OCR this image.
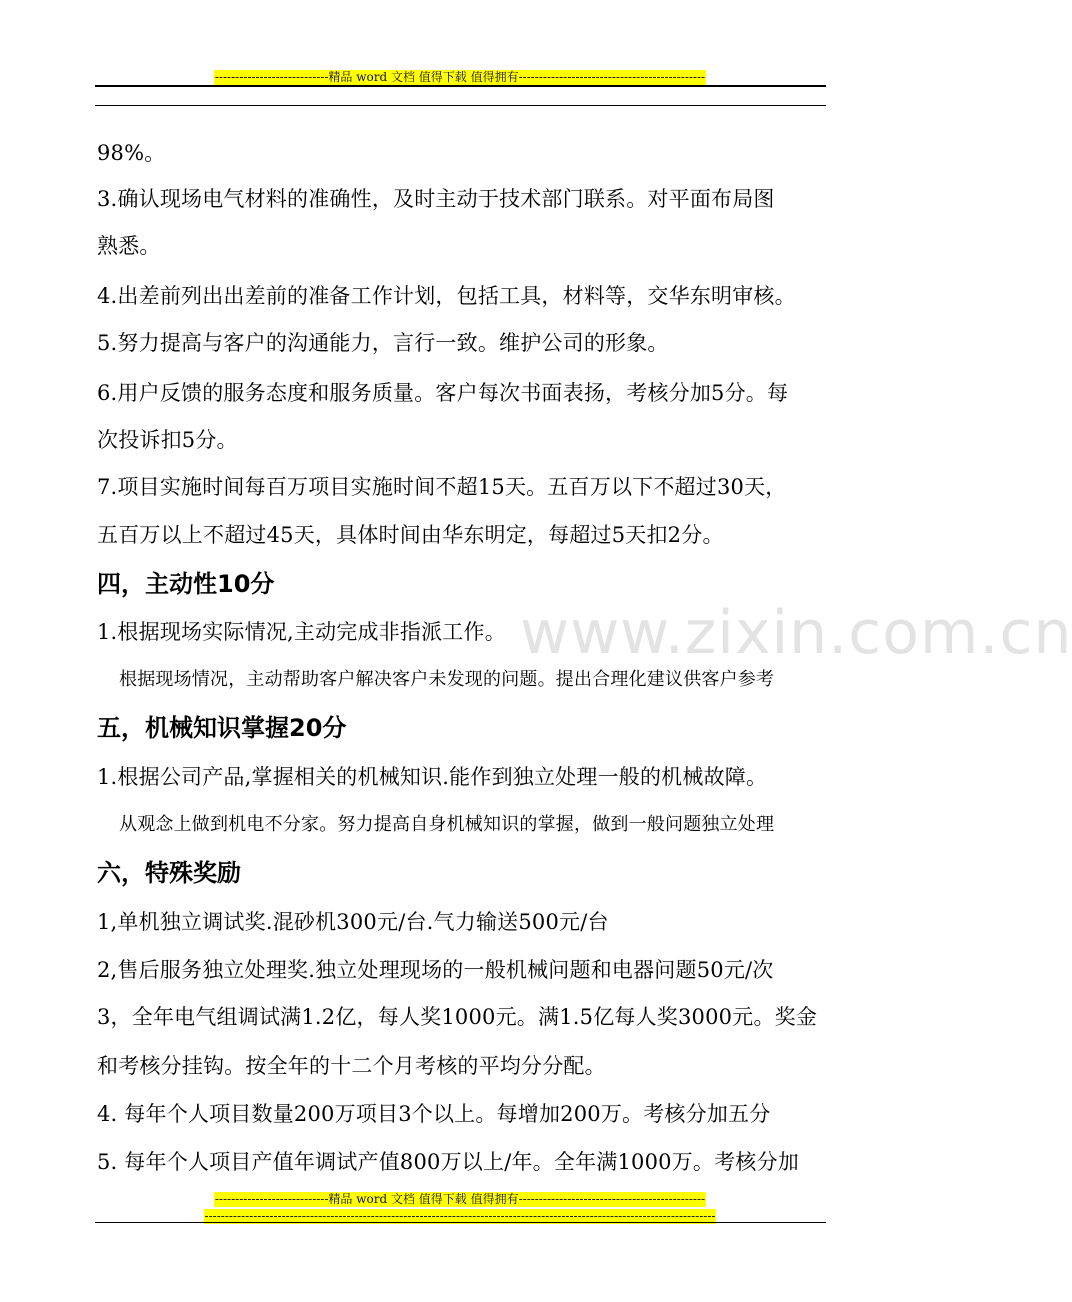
----------------------------精品 word 文档 值得下载 值得拥有----------------------------------------------
www.zixin.com.cn
98%。
3.确认现场电气材料的准确性，及时主动于技术部门联系。对平面布局图
熟悉。
4.出差前列出出差前的准备工作计划，包括工具，材料等，交华东明审核。
5.努力提高与客户的沟通能力，言行一致。维护公司的形象。
6.用户反馈的服务态度和服务质量。客户每次书面表扬，考核分加5分。每
次投诉扣5分。
7.项目实施时间每百万项目实施时间不超15天。五百万以下不超过30天，
五百万以上不超过45天，具体时间由华东明定，每超过5天扣2分。
四，主动性10分
1.根据现场实际情况,主动完成非指派工作。
根据现场情况，主动帮助客户解决客户未发现的问题。提出合理化建议供客户参考
五，机械知识掌握20分
1.根据公司产品,掌握相关的机械知识.能作到独立处理一般的机械故障。
从观念上做到机电不分家。努力提高自身机械知识的掌握，做到一般问题独立处理
六，特殊奖励
1,单机独立调试奖.混砂机300元/台.气力输送500元/台
2,售后服务独立处理奖.独立处理现场的一般机械问题和电器问题50元/次
3，全年电气组调试满1.2亿，每人奖1000元。满1.5亿每人奖3000元。奖金
和考核分挂钩。按全年的十二个月考核的平均分分配。
4. 每年个人项目数量200万项目3个以上。每增加200万。考核分加五分
5. 每年个人项目产值年调试产值800万以上/年。全年满1000万。考核分加
----------------------------精品 word 文档 值得下载 值得拥有----------------------------------------------
------------------------------------------------------------------------------------------------------------------------------
